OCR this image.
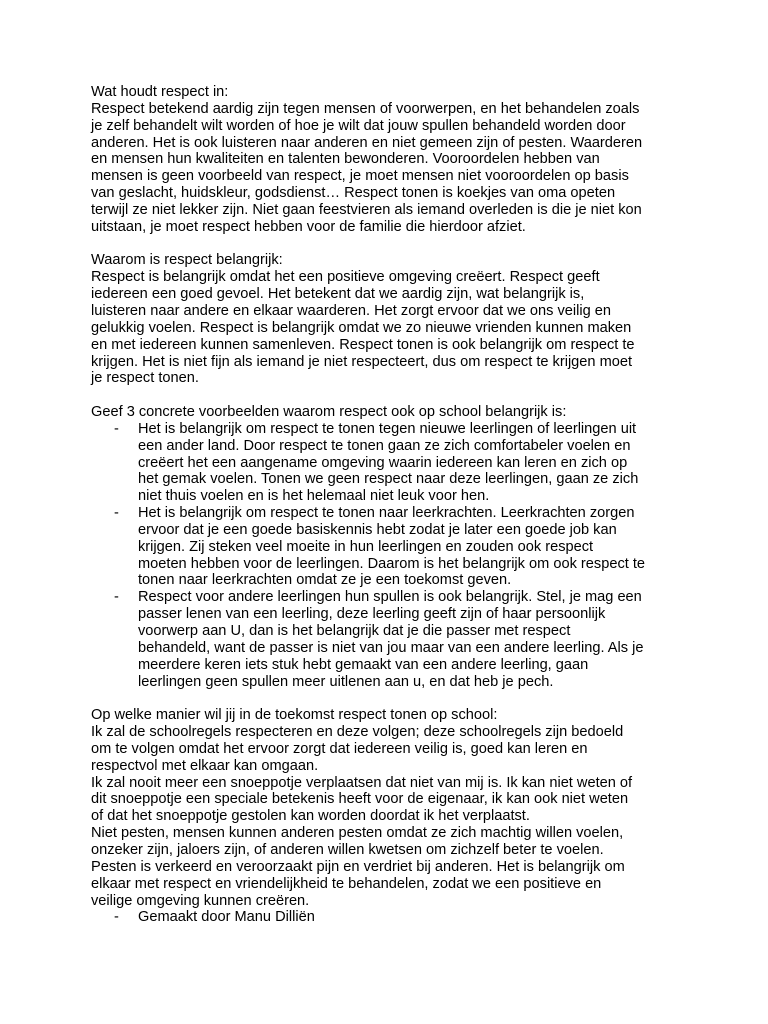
Wat houdt respect in:

Respect betekend aardig zijn tegen mensen of voorwerpen, en het behandelen zoals

je zelf behandelt wilt worden of hoe je wilt dat jouw spullen behandeld worden door

anderen. Het is ook luisteren naar anderen en niet gemeen zijn of pesten. Waarderen

en mensen hun kwaliteiten en talenten bewonderen. Vooroordelen hebben van

mensen is geen voorbeeld van respect, je moet mensen niet vooroordelen op basis

van geslacht, huidskleur, godsdienst… Respect tonen is koekjes van oma opeten

terwijl ze niet lekker zijn. Niet gaan feestvieren als iemand overleden is die je niet kon

uitstaan, je moet respect hebben voor de familie die hierdoor afziet.

Waarom is respect belangrijk:

Respect is belangrijk omdat het een positieve omgeving creëert. Respect geeft

iedereen een goed gevoel. Het betekent dat we aardig zijn, wat belangrijk is,

luisteren naar andere en elkaar waarderen. Het zorgt ervoor dat we ons veilig en

gelukkig voelen. Respect is belangrijk omdat we zo nieuwe vrienden kunnen maken

en met iedereen kunnen samenleven. Respect tonen is ook belangrijk om respect te

krijgen. Het is niet fijn als iemand je niet respecteert, dus om respect te krijgen moet

je respect tonen.

Geef 3 concrete voorbeelden waarom respect ook op school belangrijk is:

- Het is belangrijk om respect te tonen tegen nieuwe leerlingen of leerlingen uit

een ander land. Door respect te tonen gaan ze zich comfortabeler voelen en

creëert het een aangename omgeving waarin iedereen kan leren en zich op

het gemak voelen. Tonen we geen respect naar deze leerlingen, gaan ze zich

niet thuis voelen en is het helemaal niet leuk voor hen.

- Het is belangrijk om respect te tonen naar leerkrachten. Leerkrachten zorgen

ervoor dat je een goede basiskennis hebt zodat je later een goede job kan

krijgen. Zij steken veel moeite in hun leerlingen en zouden ook respect

moeten hebben voor de leerlingen. Daarom is het belangrijk om ook respect te

tonen naar leerkrachten omdat ze je een toekomst geven.

- Respect voor andere leerlingen hun spullen is ook belangrijk. Stel, je mag een

passer lenen van een leerling, deze leerling geeft zijn of haar persoonlijk

voorwerp aan U, dan is het belangrijk dat je die passer met respect

behandeld, want de passer is niet van jou maar van een andere leerling. Als je

meerdere keren iets stuk hebt gemaakt van een andere leerling, gaan

leerlingen geen spullen meer uitlenen aan u, en dat heb je pech.

Op welke manier wil jij in de toekomst respect tonen op school:

Ik zal de schoolregels respecteren en deze volgen; deze schoolregels zijn bedoeld

om te volgen omdat het ervoor zorgt dat iedereen veilig is, goed kan leren en

respectvol met elkaar kan omgaan.

Ik zal nooit meer een snoeppotje verplaatsen dat niet van mij is. Ik kan niet weten of

dit snoeppotje een speciale betekenis heeft voor de eigenaar, ik kan ook niet weten

of dat het snoeppotje gestolen kan worden doordat ik het verplaatst.

Niet pesten, mensen kunnen anderen pesten omdat ze zich machtig willen voelen,

onzeker zijn, jaloers zijn, of anderen willen kwetsen om zichzelf beter te voelen.

Pesten is verkeerd en veroorzaakt pijn en verdriet bij anderen. Het is belangrijk om

elkaar met respect en vriendelijkheid te behandelen, zodat we een positieve en

veilige omgeving kunnen creëren.

- Gemaakt door Manu Dilliën
